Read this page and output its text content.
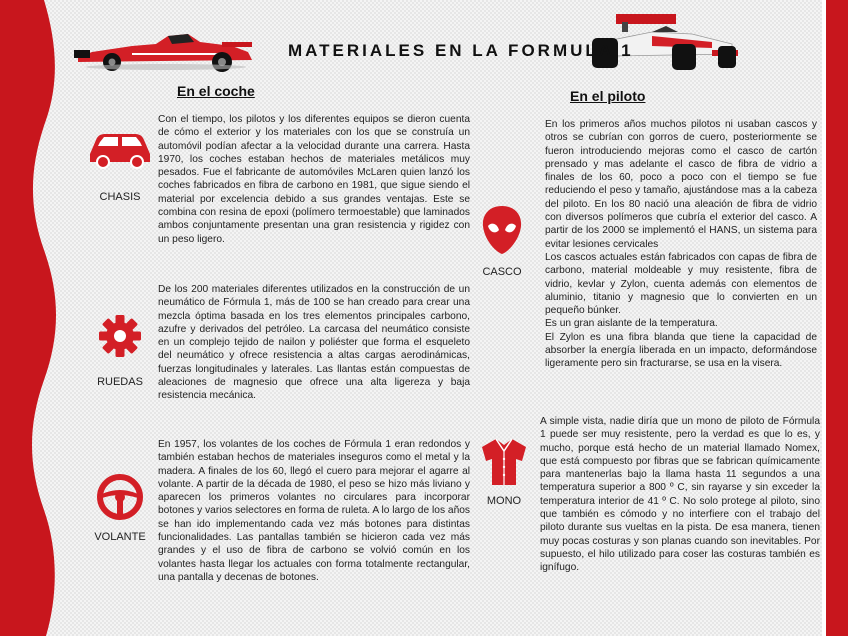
MATERIALES EN LA FORMULA 1
En el coche	En el piloto
CHASIS
Con el tiempo, los pilotos y los diferentes equipos se dieron cuenta de cómo el exterior y los materiales con los que se construía un automóvil podían afectar a la velocidad durante una carrera. Hasta 1970, los coches estaban hechos de materiales metálicos muy pesados. Fue el fabricante de automóviles McLaren quien lanzó los coches fabricados en fibra de carbono en 1981, que sigue siendo el material por excelencia debido a sus grandes ventajas. Este se combina con resina de epoxi (polímero termoestable) que laminados ambos conjuntamente presentan una gran resistencia y rigidez con un peso ligero.
RUEDAS
De los 200 materiales diferentes utilizados en la construcción de un neumático de Fórmula 1, más de 100 se han creado para crear una mezcla óptima basada en los tres elementos principales carbono, azufre y derivados del petróleo. La carcasa del neumático consiste en un complejo tejido de nailon y poliéster que forma el esqueleto del neumático y ofrece resistencia a altas cargas aerodinámicas, fuerzas longitudinales y laterales. Las llantas están compuestas de aleaciones de magnesio que ofrece una alta ligereza y baja resistencia mecánica.
VOLANTE
En 1957, los volantes de los coches de Fórmula 1 eran redondos y también estaban hechos de materiales inseguros como el metal y la madera. A finales de los 60, llegó el cuero para mejorar el agarre al volante. A partir de la década de 1980, el peso se hizo más liviano y aparecen los primeros volantes no circulares para incorporar botones y varios selectores en forma de ruleta. A lo largo de los años se han ido implementando cada vez más botones para distintas funcionalidades. Las pantallas también se hicieron cada vez más grandes y el uso de fibra de carbono se volvió común en los volantes hasta llegar los actuales con forma totalmente rectangular, una pantalla y decenas de botones.
CASCO
En los primeros años muchos pilotos ni usaban cascos y otros se cubrían con gorros de cuero, posteriormente se fueron introduciendo mejoras como el casco de cartón prensado y mas adelante el casco de fibra de vidrio a finales de los 60, poco a poco con el tiempo se fue reduciendo el peso y tamaño, ajustándose mas a la cabeza del piloto. En los 80 nació una aleación de fibra de vidrio con diversos polímeros que cubría el exterior del casco. A partir de los 2000 se implementó el HANS, un sistema para evitar lesiones cervicales
Los cascos actuales están fabricados con capas de fibra de carbono, material moldeable y muy resistente, fibra de vidrio, kevlar y Zylon, cuenta además con elementos de aluminio, titanio y magnesio que lo convierten en un pequeño búnker.
Es un gran aislante de la temperatura.
El Zylon es una fibra blanda que tiene la capacidad de absorber la energía liberada en un impacto, deformándose ligeramente pero sin fracturarse, se usa en la visera.
MONO
A simple vista, nadie diría que un mono de piloto de Fórmula 1 puede ser muy resistente, pero la verdad es que lo es, y mucho, porque está hecho de un material llamado Nomex, que está compuesto por fibras que se fabrican químicamente para mantenerlas bajo la llama hasta 11 segundos a una temperatura superior a 800 º C, sin rayarse y sin exceder la temperatura interior de 41 º C. No solo protege al piloto, sino que también es cómodo y no interfiere con el trabajo del piloto durante sus vueltas en la pista. De esa manera, tienen muy pocas costuras y son planas cuando son inevitables. Por supuesto, el hilo utilizado para coser las costuras también es ignífugo.
